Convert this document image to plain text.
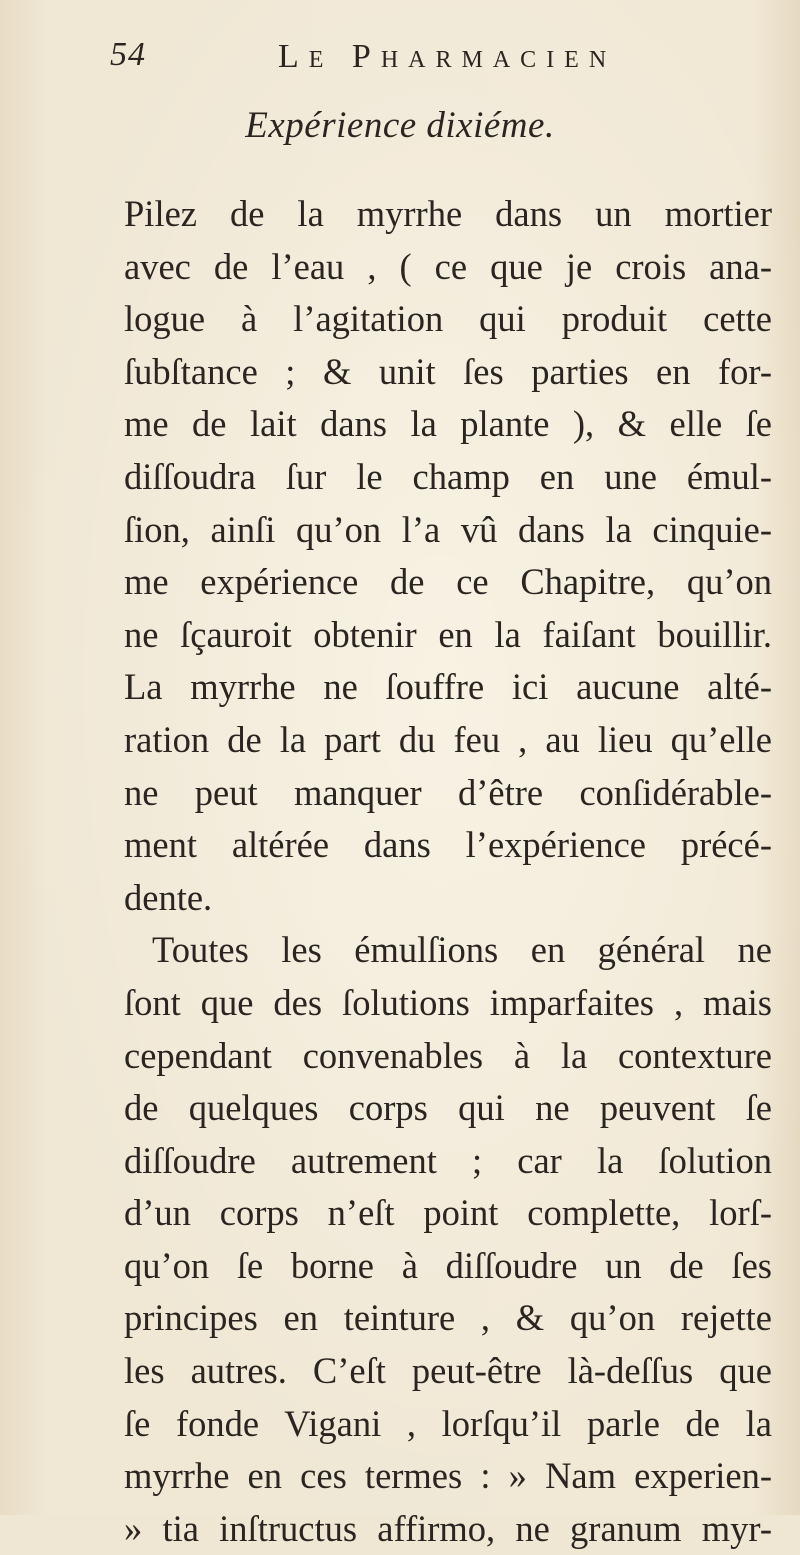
54	Le Pharmacien
Expérience dixiéme.
Pilez de la myrrhe dans un mortier
avec de l’eau , ( ce que je crois ana-
logue à l’agitation qui produit cette
ſubſtance ; & unit ſes parties en for-
me de lait dans la plante ), & elle ſe
diſſoudra ſur le champ en une émul-
ſion, ainſi qu’on l’a vû dans la cinquie-
me expérience de ce Chapitre, qu’on
ne ſçauroit obtenir en la faiſant bouillir.
La myrrhe ne ſouffre ici aucune alté-
ration de la part du feu , au lieu qu’elle
ne peut manquer d’être conſidérable-
ment altérée dans l’expérience précé-
dente.
Toutes les émulſions en général ne
ſont que des ſolutions imparfaites , mais
cependant convenables à la contexture
de quelques corps qui ne peuvent ſe
diſſoudre autrement ; car la ſolution
d’un corps n’eſt point complette, lorſ-
qu’on ſe borne à diſſoudre un de ſes
principes en teinture , & qu’on rejette
les autres. C’eſt peut-être là-deſſus que
ſe fonde Vigani , lorſqu’il parle de la
myrrhe en ces termes : » Nam experien-
» tia inſtructus affirmo, ne granum myr-
